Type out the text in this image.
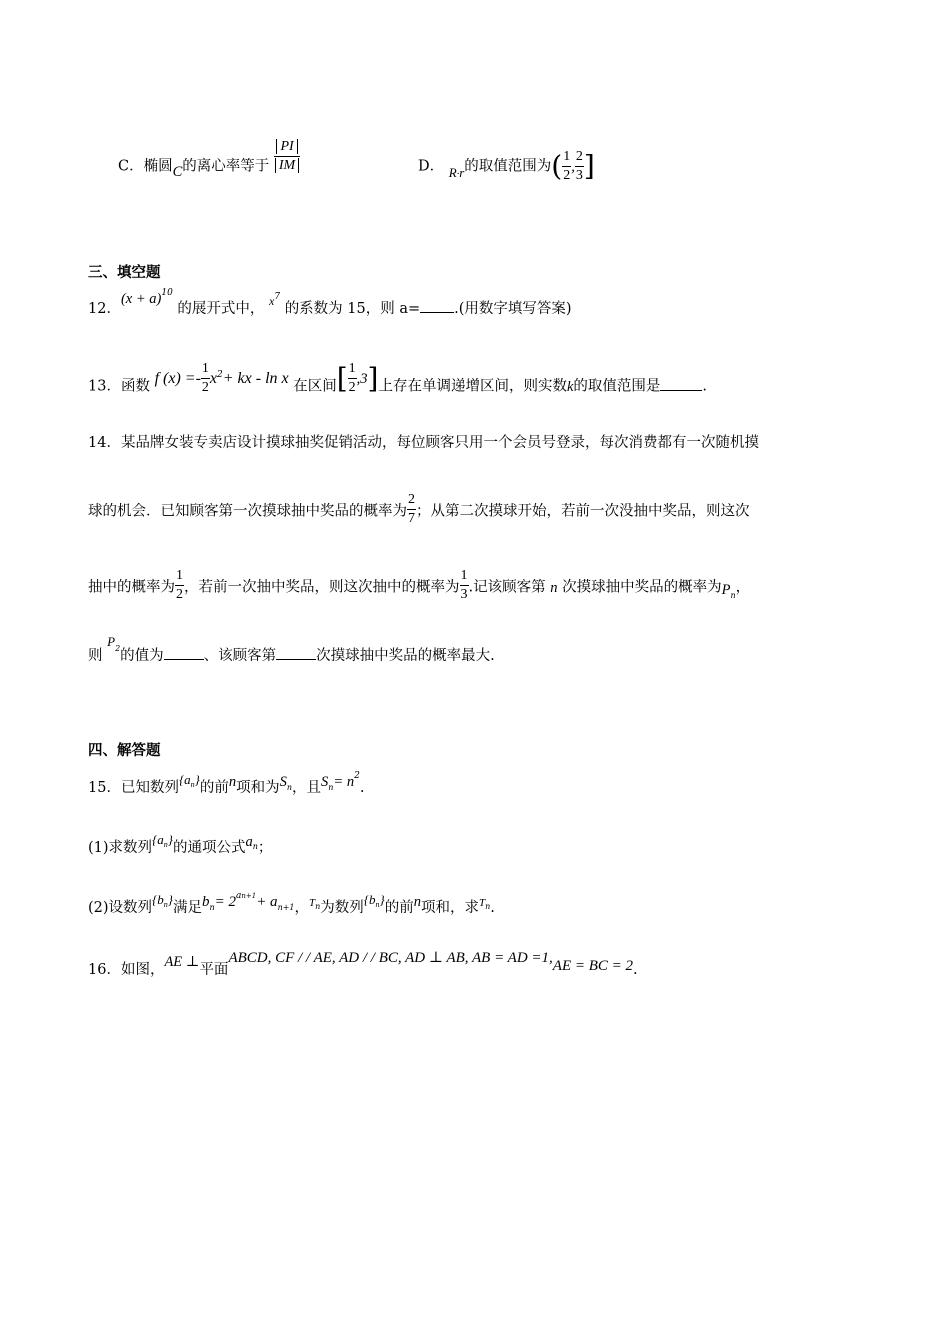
C．椭圆C的离心率等于 $\frac{PI}{IM}$	D． $R_\cdot r$的取值范围为( $\frac{1}{2}$ , $\frac{2}{3}$ ]
三、填空题
12．$(x + a)^{10}$ 的展开式中， $^{x7}$ 的系数为 15，则 a= .(用数字填写答案)
13．函数 f $(x) =- \frac{1}{2} x^2+$ kx - ln x 在区间[ $\frac{1}{2} ,3$]上存在单调递增区间，则实数k的取值范围是	.
14．某品牌女装专卖店设计摸球抽奖促销活动，每位顾客只用一个会员号登录，每次消费都有一次随机摸
球的机会．已知顾客第一次摸球抽中奖品的概率为 $\frac{2}{7}$ ；从第二次摸球开始，若前一次没抽中奖品，则这次
抽中的概率为 $\frac{1}{2}$ ，若前一次抽中奖品，则这次抽中的概率为 $\frac{1}{3}$ .记该顾客第 n 次摸球抽中奖品的概率为$P_n$，
则 $P^2$的值为	、该顾客第	次摸球抽中奖品的概率最大.
四、解答题
15．已知数列$\{a_n\}$的前n项和为Sn，且$Sn= n^2$.
(1)求数列$\{a_n\}$的通项公式$a^n$；
(2)设数列$\{b_n\}$满足$bn= 2^{an+1}+ an+1$，$^{Tn}$为数列$\{b_n\}$的前n项和，求$^{Tn}$.
16．如图，AE ⊥平面ABCD, CF / / AE, AD / / BC, AD ⊥ AB, AB = AD =1,AE = BC = 2.
